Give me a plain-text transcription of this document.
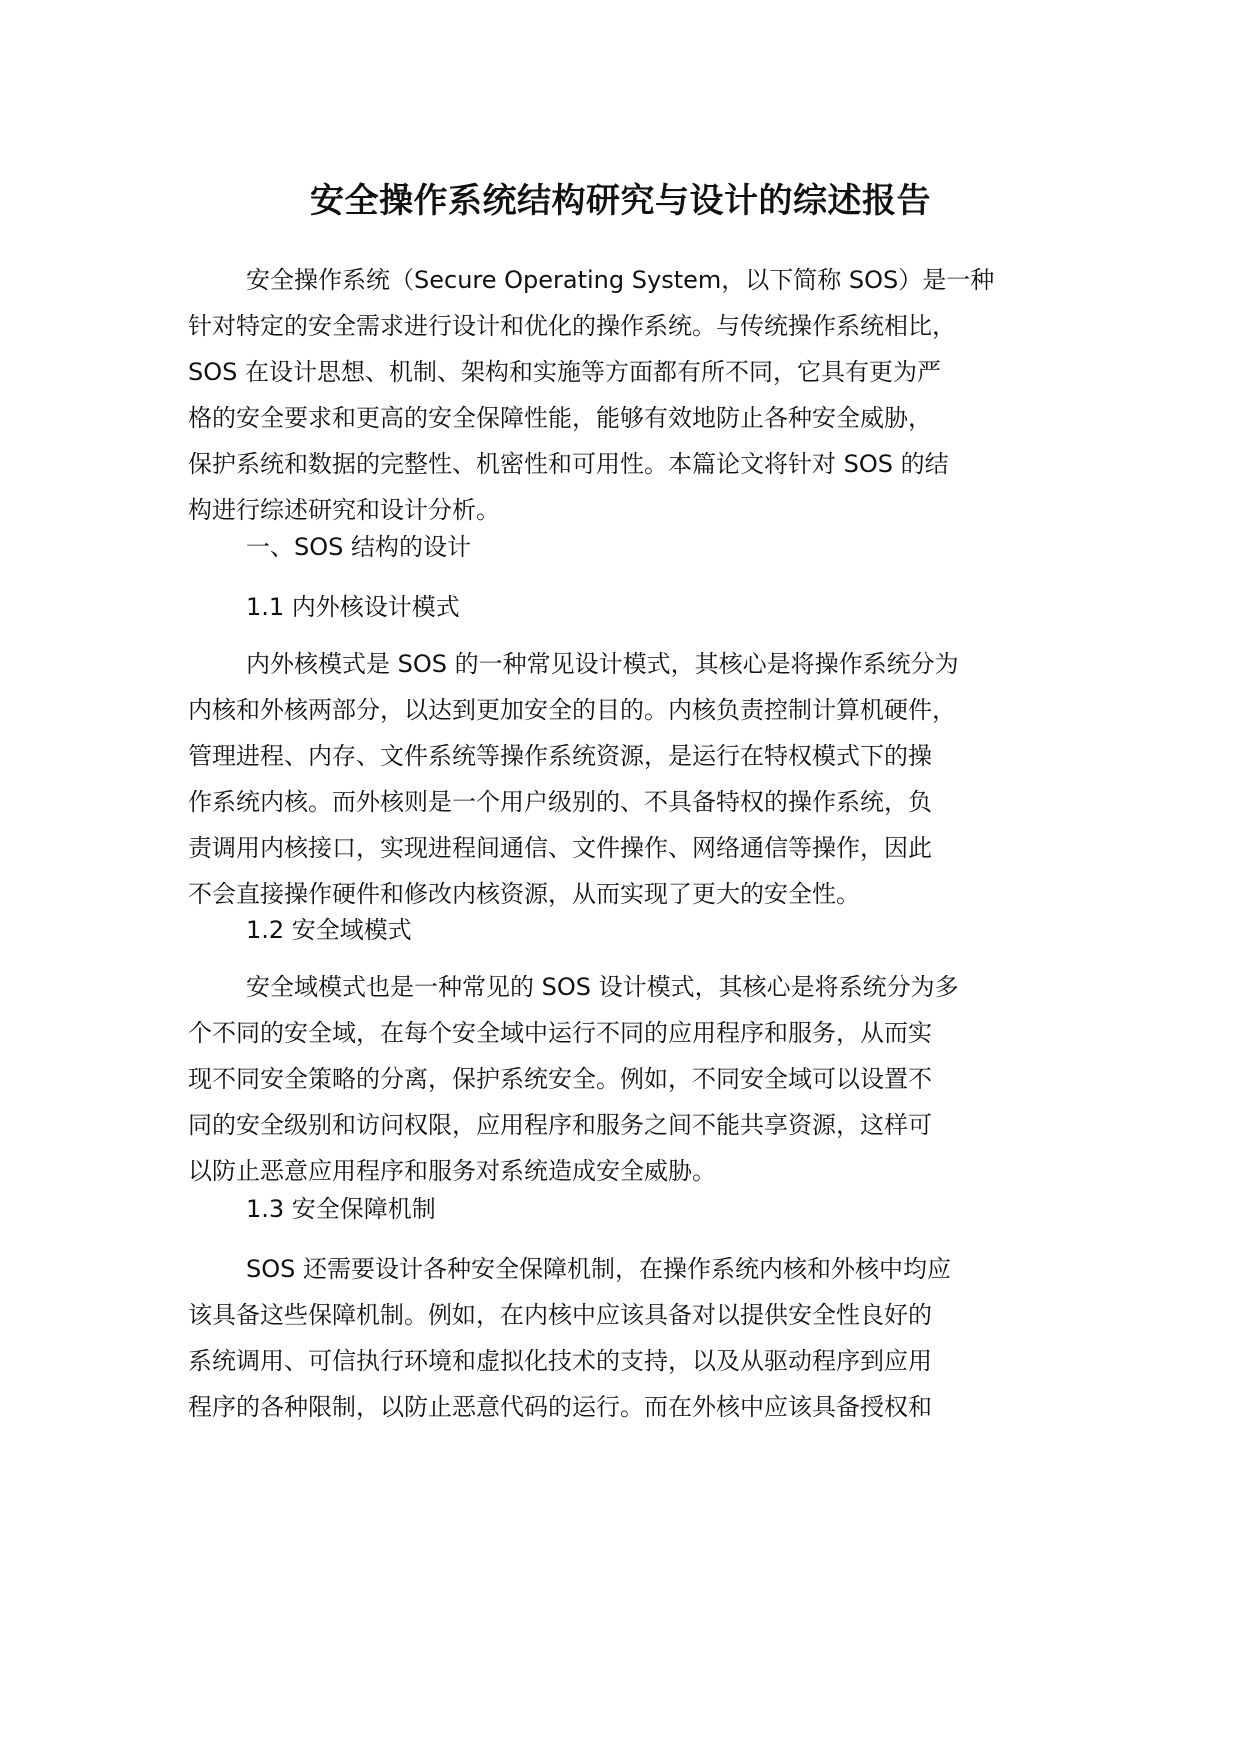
安全操作系统结构研究与设计的综述报告
安全操作系统（Secure Operating System，以下简称 SOS）是一种
针对特定的安全需求进行设计和优化的操作系统。与传统操作系统相比，
SOS 在设计思想、机制、架构和实施等方面都有所不同，它具有更为严
格的安全要求和更高的安全保障性能，能够有效地防止各种安全威胁，
保护系统和数据的完整性、机密性和可用性。本篇论文将针对 SOS 的结
构进行综述研究和设计分析。
一、SOS 结构的设计
1.1 内外核设计模式
内外核模式是 SOS 的一种常见设计模式，其核心是将操作系统分为
内核和外核两部分，以达到更加安全的目的。内核负责控制计算机硬件，
管理进程、内存、文件系统等操作系统资源，是运行在特权模式下的操
作系统内核。而外核则是一个用户级别的、不具备特权的操作系统，负
责调用内核接口，实现进程间通信、文件操作、网络通信等操作，因此
不会直接操作硬件和修改内核资源，从而实现了更大的安全性。
1.2 安全域模式
安全域模式也是一种常见的 SOS 设计模式，其核心是将系统分为多
个不同的安全域，在每个安全域中运行不同的应用程序和服务，从而实
现不同安全策略的分离，保护系统安全。例如，不同安全域可以设置不
同的安全级别和访问权限，应用程序和服务之间不能共享资源，这样可
以防止恶意应用程序和服务对系统造成安全威胁。
1.3 安全保障机制
SOS 还需要设计各种安全保障机制，在操作系统内核和外核中均应
该具备这些保障机制。例如，在内核中应该具备对以提供安全性良好的
系统调用、可信执行环境和虚拟化技术的支持，以及从驱动程序到应用
程序的各种限制，以防止恶意代码的运行。而在外核中应该具备授权和
